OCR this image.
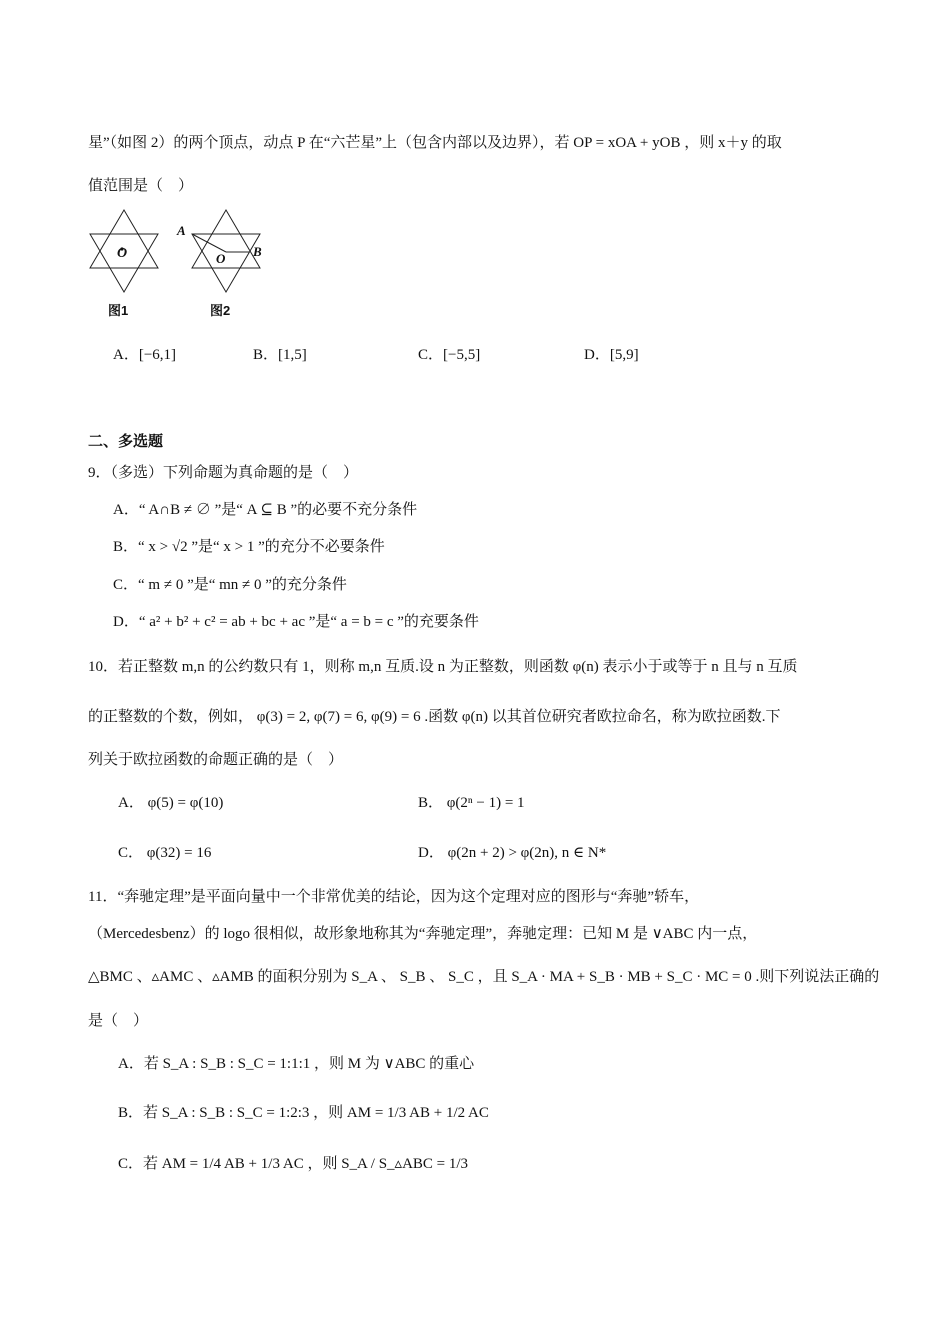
星”（如图 2）的两个顶点，动点 P 在“六芒星”上（包含内部以及边界），若 OP = xOA + yOB ，则 x＋y 的取
值范围是（　）
O
图1
A
O B
图2
A．[−6,1]	B．[1,5]	C．[−5,5]	D．[5,9]
二、多选题
9．（多选）下列命题为真命题的是（　）
A．“ A∩B ≠ ∅ ”是“ A ⊆ B ”的必要不充分条件
B．“ x > √2 ”是“ x > 1 ”的充分不必要条件
C．“ m ≠ 0 ”是“ mn ≠ 0 ”的充分条件
D．“ a² + b² + c² = ab + bc + ac ”是“ a = b = c ”的充要条件
10．若正整数 m,n 的公约数只有 1，则称 m,n 互质.设 n 为正整数，则函数 φ(n) 表示小于或等于 n 且与 n 互质
的正整数的个数，例如， φ(3) = 2, φ(7) = 6, φ(9) = 6 .函数 φ(n) 以其首位研究者欧拉命名，称为欧拉函数.下
列关于欧拉函数的命题正确的是（　）
A． φ(5) = φ(10)	B． φ(2ⁿ − 1) = 1
C． φ(32) = 16	D． φ(2n + 2) > φ(2n), n ∈ N*
11．“奔驰定理”是平面向量中一个非常优美的结论，因为这个定理对应的图形与“奔驰”轿车，
（Mercedesbenz）的 logo 很相似，故形象地称其为“奔驰定理”，奔驰定理：已知 M 是 ∨ABC 内一点，
△BMC 、▵AMC 、▵AMB 的面积分别为 S_A 、 S_B 、 S_C ，且 S_A · MA + S_B · MB + S_C · MC = 0 .则下列说法正确的
是（　）
A．若 S_A : S_B : S_C = 1:1:1 ，则 M 为 ∨ABC 的重心
B．若 S_A : S_B : S_C = 1:2:3 ，则 AM = 1/3 AB + 1/2 AC
C．若 AM = 1/4 AB + 1/3 AC ，则 S_A / S_▵ABC = 1/3
